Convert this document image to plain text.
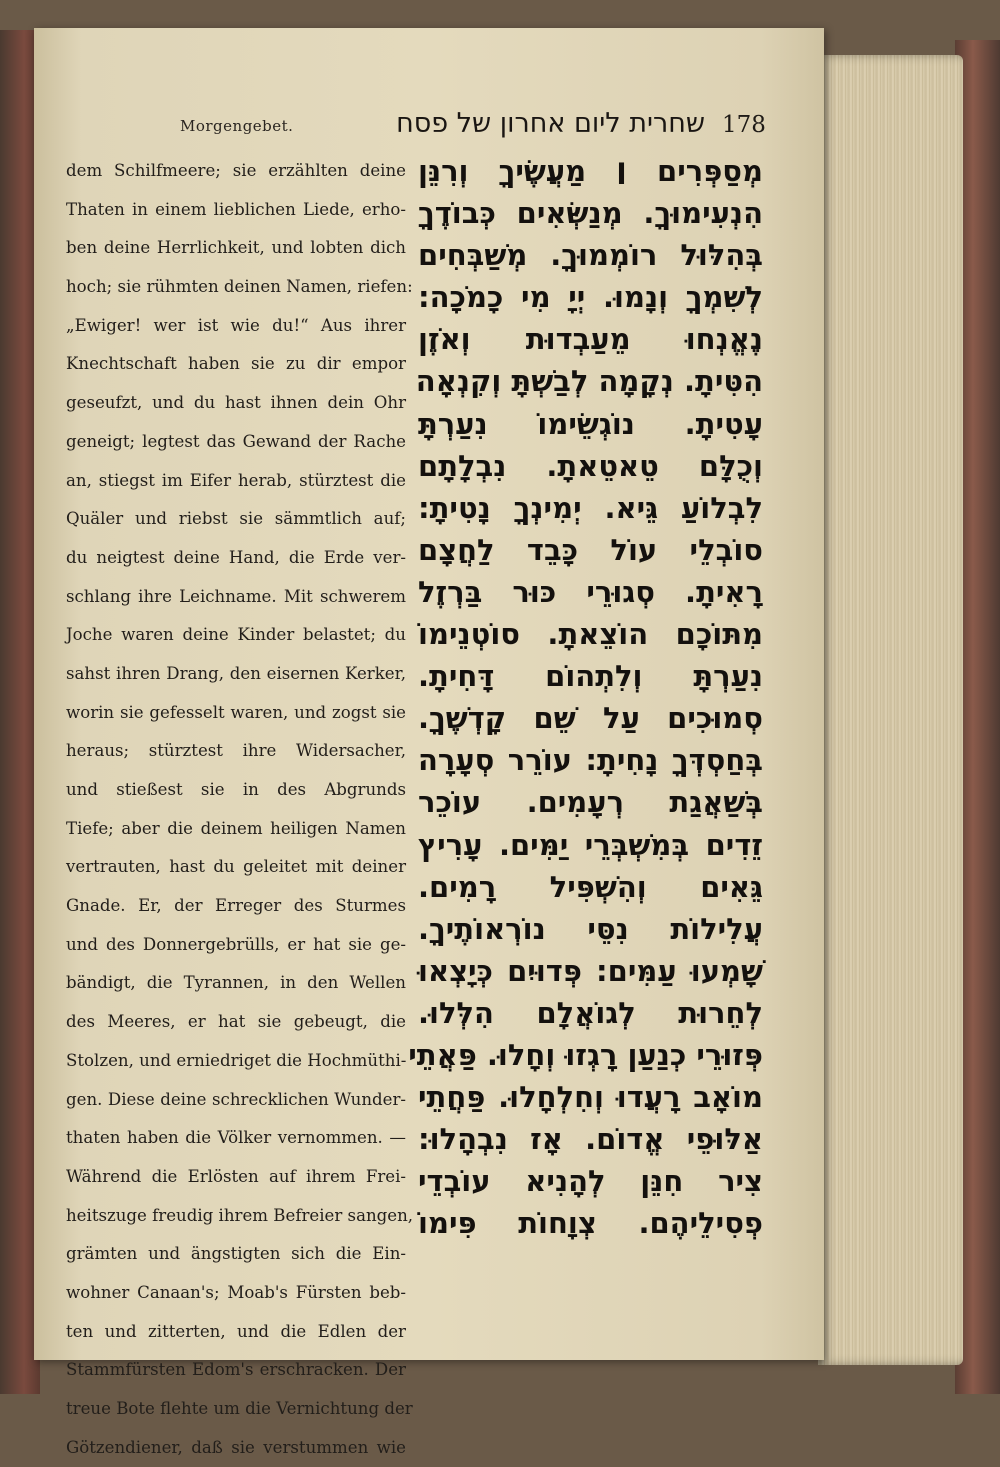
Morgengebet.	שחרית ליום אחרון של פסח 178
dem Schilfmeere; sie erzählten deine
Thaten in einem lieblichen Liede, erho-
ben deine Herrlichkeit, und lobten dich
hoch; sie rühmten deinen Namen, riefen:
„Ewiger! wer ist wie du!“ Aus ihrer
Knechtschaft haben sie zu dir empor
geseufzt, und du hast ihnen dein Ohr
geneigt; legtest das Gewand der Rache
an, stiegst im Eifer herab, stürztest die
Quäler und riebst sie sämmtlich auf;
du neigtest deine Hand, die Erde ver-
schlang ihre Leichname. Mit schwerem
Joche waren deine Kinder belastet; du
sahst ihren Drang, den eisernen Kerker,
worin sie gefesselt waren, und zogst sie
heraus; stürztest ihre Widersacher,
und stießest sie in des Abgrunds
Tiefe; aber die deinem heiligen Namen
vertrauten, hast du geleitet mit deiner
Gnade. Er, der Erreger des Sturmes
und des Donnergebrülls, er hat sie ge-
bändigt, die Tyrannen, in den Wellen
des Meeres, er hat sie gebeugt, die
Stolzen, und erniedriget die Hochmüthi-
gen. Diese deine schrecklichen Wunder-
thaten haben die Völker vernommen. —
Während die Erlösten auf ihrem Frei-
heitszuge freudig ihrem Befreier sangen,
grämten und ängstigten sich die Ein-
wohner Canaan's; Moab's Fürsten beb-
ten und zitterten, und die Edlen der
Stammfürsten Edom's erschracken. Der
treue Bote flehte um die Vernichtung der
Götzendiener, daß sie verstummen wie
מְסַפְּרִים ׀ מַעֲשֶׂיךָ וְרִנֵּן
הִנְעִימוּךָ. מְנַשְּׂאִים כְּבוֹדֶךָ
בְּהִלּוּל רוֹמְמוּךָ. מְשַׁבְּחִים
לְשִׁמְךָ וְנָמוּ. יְיָ מִי כָמֹכָה:
נֶאֱנְחוּ מֵעַבְדוּת וְאֹזֶן
הִטִּיתָ. נְקָמָה לְבַשְׁתָּ וְקִנְאָה
עָטִיתָ. נוֹגְשֵׂימוֹ נִעַרְתָּ
וְכֻלָּם טֵאטֵאתָ. נִבְלָתָם
לִבְלוֹעַ גֵּיא. יְמִינְךָ נָטִיתָ:
סוֹבְלֵי עוֹל כָּבֵד לַחֲצָם
רָאִיתָ. סְגוּרֵי כּוּר בַּרְזֶל
מִתּוֹכָם הוֹצֵאתָ. סוֹטְנֵימוֹ
נִעַרְתָּ וְלִתְהוֹם דָּחִיתָ.
סְמוּכִים עַל שֵׁם קָדְשֶׁךָ.
בְּחַסְדְּךָ נָחִיתָ: עוֹרֵר סְעָרָה
בְּשַׁאֲגַת רְעָמִים. עוֹכֵר
זֵדִים בְּמִשְׁבְּרֵי יַמִּים. עָרִיץ
גֵּאִים וְהִשְׁפִּיל רָמִים.
עֲלִילוֹת נִסֵּי נוֹרְאוֹתֶיךָ.
שָׁמְעוּ עַמִּים: פְּדוּיִם כְּיָצְאוּ
לְחֵרוּת לְגוֹאֲלָם הִלְּלוּ.
פְּזוּרֵי כְנַעַן רָגְזוּ וְחָלוּ. פַּאֲתֵי
מוֹאָב רָעֲדוּ וְחִלְחָלוּ. פַּחֲתֵי
אַלּוּפֵי אֱדוֹם. אָז נִבְהָלוּ:
צִיר חִנֵּן לְהָנִיא עוֹבְדֵי
פְסִילֵיהֶם. צְוָחוֹת פִּימוֹ
